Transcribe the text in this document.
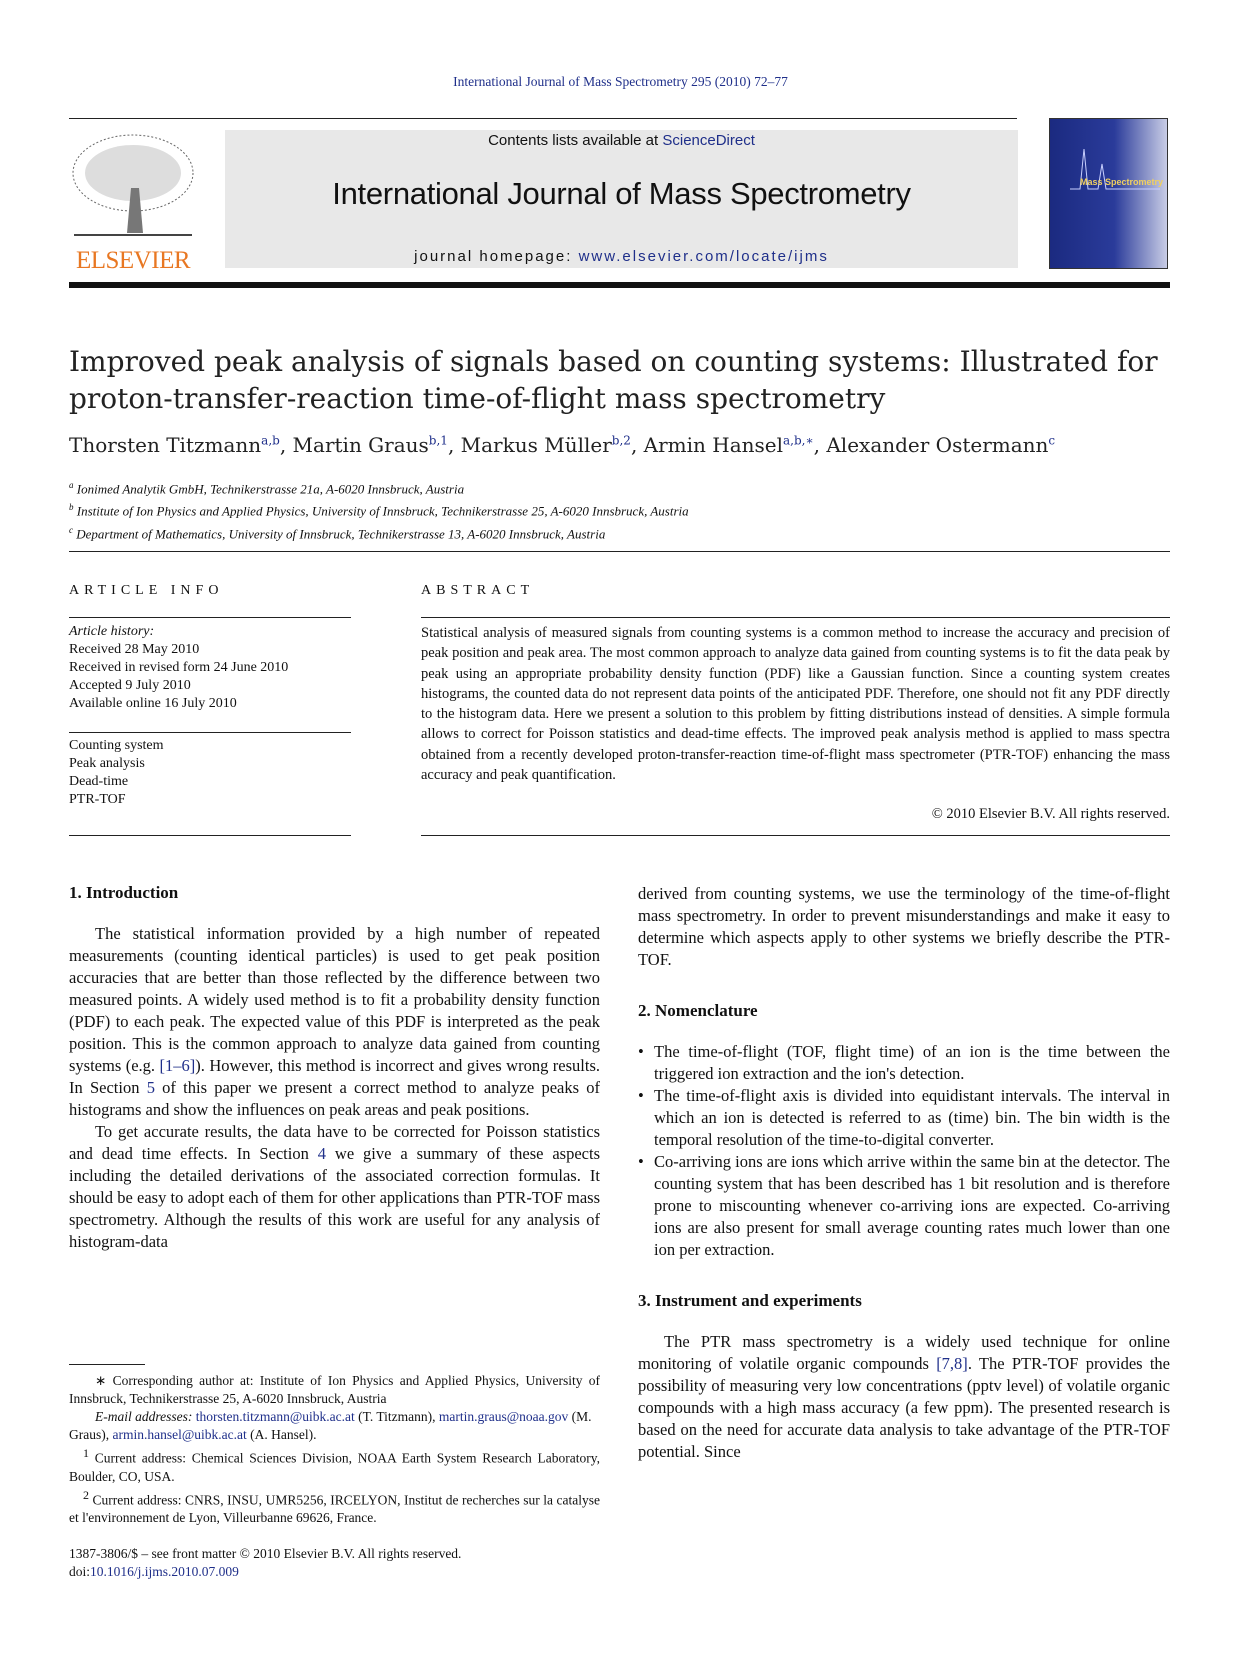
International Journal of Mass Spectrometry 295 (2010) 72–77
ELSEVIER
Contents lists available at ScienceDirect
International Journal of Mass Spectrometry
journal homepage: www.elsevier.com/locate/ijms
Mass Spectrometry
Improved peak analysis of signals based on counting systems: Illustrated for proton-transfer-reaction time-of-flight mass spectrometry
Thorsten Titzmann$^{a,b}$, Martin Graus$^{b,1}$, Markus Müller$^{b,2}$, Armin Hansel$^{a,b,∗}$, Alexander Ostermann$^c$
$^a$ Ionimed Analytik GmbH, Technikerstrasse 21a, A-6020 Innsbruck, Austria
$^b$ Institute of Ion Physics and Applied Physics, University of Innsbruck, Technikerstrasse 25, A-6020 Innsbruck, Austria
$^c$ Department of Mathematics, University of Innsbruck, Technikerstrasse 13, A-6020 Innsbruck, Austria
ARTICLE INFO
Article history:
Received 28 May 2010
Received in revised form 24 June 2010
Accepted 9 July 2010
Available online 16 July 2010
Counting system
Peak analysis
Dead-time
PTR-TOF
ABSTRACT
Statistical analysis of measured signals from counting systems is a common method to increase the accuracy and precision of peak position and peak area. The most common approach to analyze data gained from counting systems is to fit the data peak by peak using an appropriate probability density function (PDF) like a Gaussian function. Since a counting system creates histograms, the counted data do not represent data points of the anticipated PDF. Therefore, one should not fit any PDF directly to the histogram data. Here we present a solution to this problem by fitting distributions instead of densities. A simple formula allows to correct for Poisson statistics and dead-time effects. The improved peak analysis method is applied to mass spectra obtained from a recently developed proton-transfer-reaction time-of-flight mass spectrometer (PTR-TOF) enhancing the mass accuracy and peak quantification.
© 2010 Elsevier B.V. All rights reserved.
1. Introduction

The statistical information provided by a high number of repeated measurements (counting identical particles) is used to get peak position accuracies that are better than those reflected by the difference between two measured points. A widely used method is to fit a probability density function (PDF) to each peak. The expected value of this PDF is interpreted as the peak position. This is the common approach to analyze data gained from counting systems (e.g. [1–6]). However, this method is incorrect and gives wrong results. In Section 5 of this paper we present a correct method to analyze peaks of histograms and show the influences on peak areas and peak positions.

To get accurate results, the data have to be corrected for Poisson statistics and dead time effects. In Section 4 we give a summary of these aspects including the detailed derivations of the associated correction formulas. It should be easy to adopt each of them for other applications than PTR-TOF mass spectrometry. Although the results of this work are useful for any analysis of histogram-data

∗ Corresponding author at: Institute of Ion Physics and Applied Physics, University of Innsbruck, Technikerstrasse 25, A-6020 Innsbruck, Austria

E-mail addresses: thorsten.titzmann@uibk.ac.at (T. Titzmann), martin.graus@noaa.gov (M. Graus), armin.hansel@uibk.ac.at (A. Hansel).

$^1$ Current address: Chemical Sciences Division, NOAA Earth System Research Laboratory, Boulder, CO, USA.

$^2$ Current address: CNRS, INSU, UMR5256, IRCELYON, Institut de recherches sur la catalyse et l'environnement de Lyon, Villeurbanne 69626, France.

1387-3806/$ – see front matter © 2010 Elsevier B.V. All rights reserved.

doi:10.1016/j.ijms.2010.07.009

derived from counting systems, we use the terminology of the time-of-flight mass spectrometry. In order to prevent misunderstandings and make it easy to determine which aspects apply to other systems we briefly describe the PTR-TOF.

2. Nomenclature
• The time-of-flight (TOF, flight time) of an ion is the time between the triggered ion extraction and the ion's detection.
• The time-of-flight axis is divided into equidistant intervals. The interval in which an ion is detected is referred to as (time) bin. The bin width is the temporal resolution of the time-to-digital converter.
• Co-arriving ions are ions which arrive within the same bin at the detector. The counting system that has been described has 1 bit resolution and is therefore prone to miscounting whenever co-arriving ions are expected. Co-arriving ions are also present for small average counting rates much lower than one ion per extraction.
3. Instrument and experiments

The PTR mass spectrometry is a widely used technique for online monitoring of volatile organic compounds [7,8]. The PTR-TOF provides the possibility of measuring very low concentrations (pptv level) of volatile organic compounds with a high mass accuracy (a few ppm). The presented research is based on the need for accurate data analysis to take advantage of the PTR-TOF potential. Since
